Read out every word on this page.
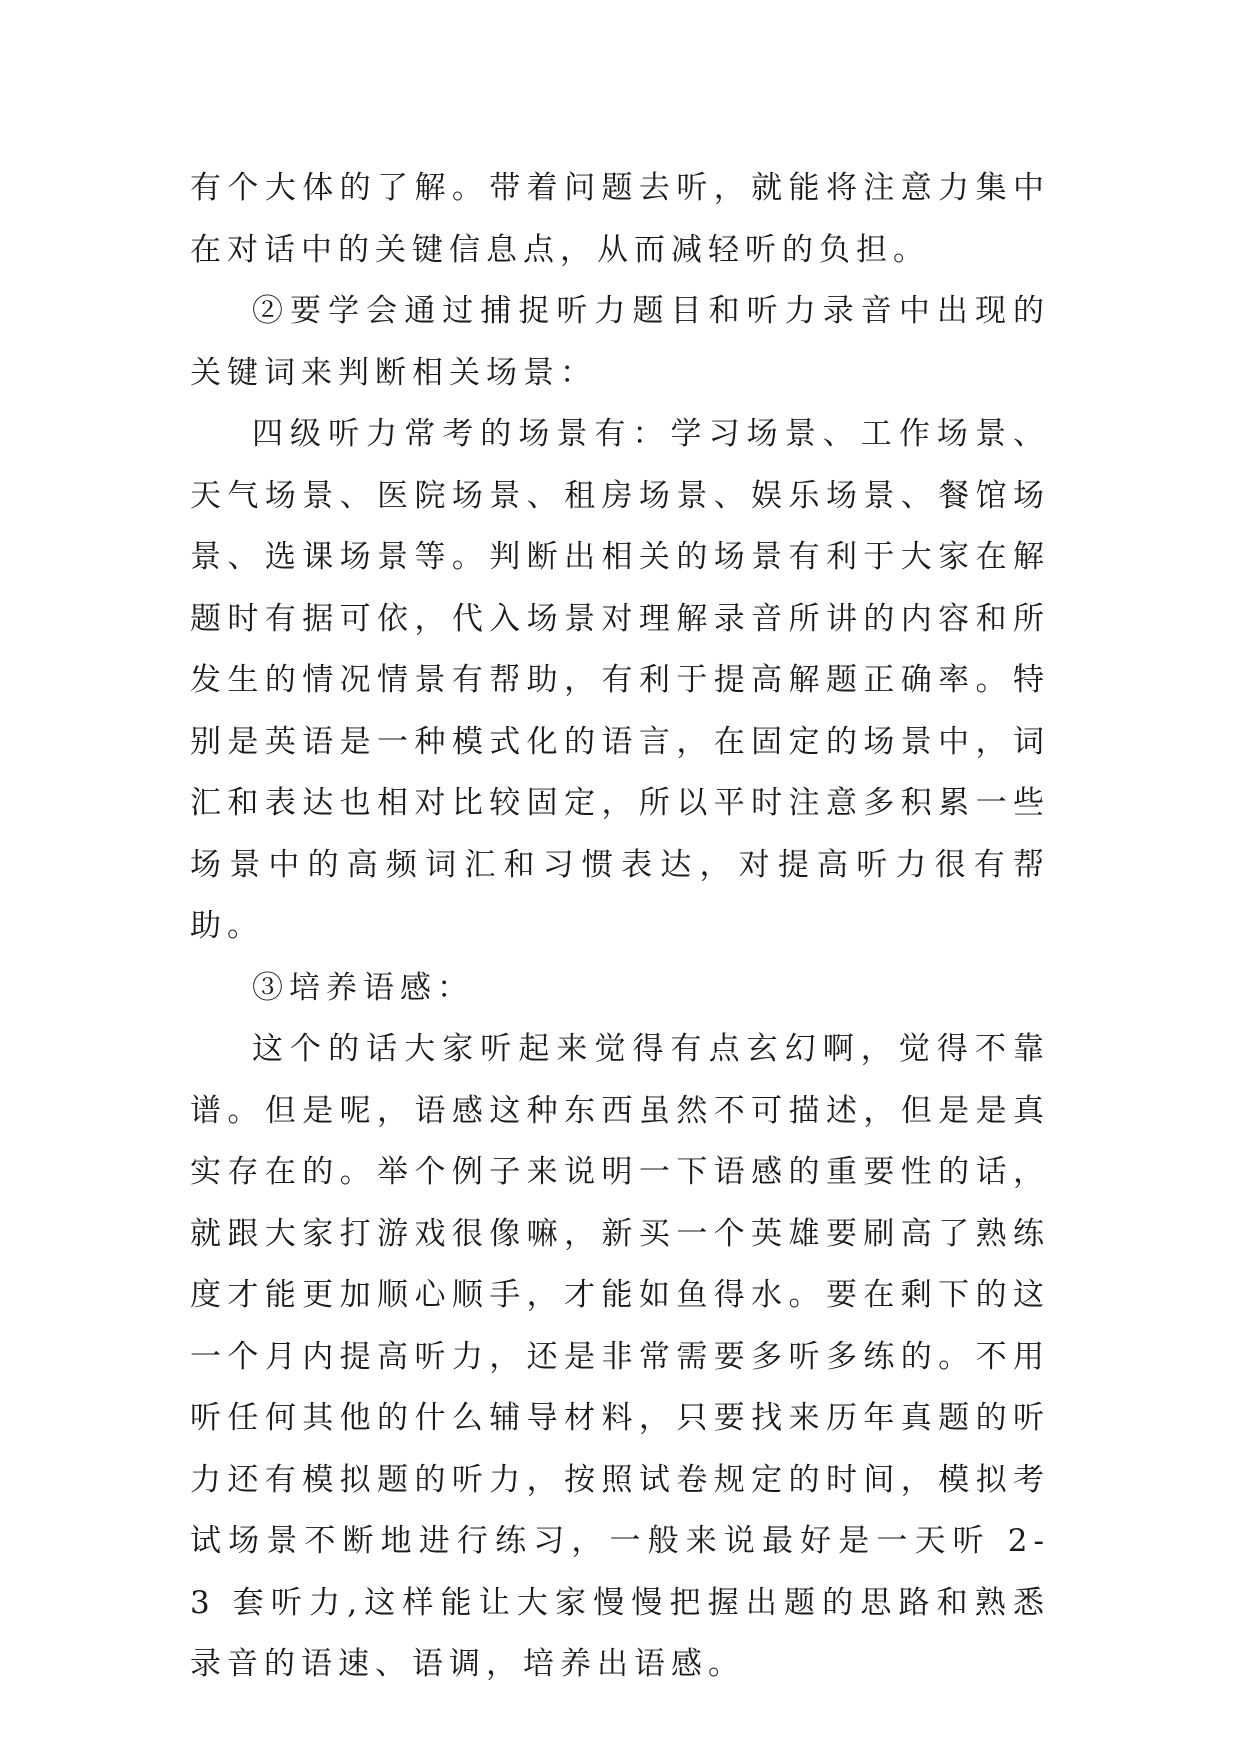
有个大体的了解。带着问题去听，就能将注意力集中在对话中的关键信息点，从而减轻听的负担。

②要学会通过捕捉听力题目和听力录音中出现的关键词来判断相关场景：

四级听力常考的场景有：学习场景、工作场景、天气场景、医院场景、租房场景、娱乐场景、餐馆场景、选课场景等。判断出相关的场景有利于大家在解题时有据可依，代入场景对理解录音所讲的内容和所发生的情况情景有帮助，有利于提高解题正确率。特别是英语是一种模式化的语言，在固定的场景中，词汇和表达也相对比较固定，所以平时注意多积累一些场景中的高频词汇和习惯表达，对提高听力很有帮助。

③培养语感：

这个的话大家听起来觉得有点玄幻啊，觉得不靠谱。但是呢，语感这种东西虽然不可描述，但是是真实存在的。举个例子来说明一下语感的重要性的话，就跟大家打游戏很像嘛，新买一个英雄要刷高了熟练度才能更加顺心顺手，才能如鱼得水。要在剩下的这一个月内提高听力，还是非常需要多听多练的。不用听任何其他的什么辅导材料，只要找来历年真题的听力还有模拟题的听力，按照试卷规定的时间，模拟考试场景不断地进行练习，一般来说最好是一天听 2-3 套听力,这样能让大家慢慢把握出题的思路和熟悉录音的语速、语调，培养出语感。
